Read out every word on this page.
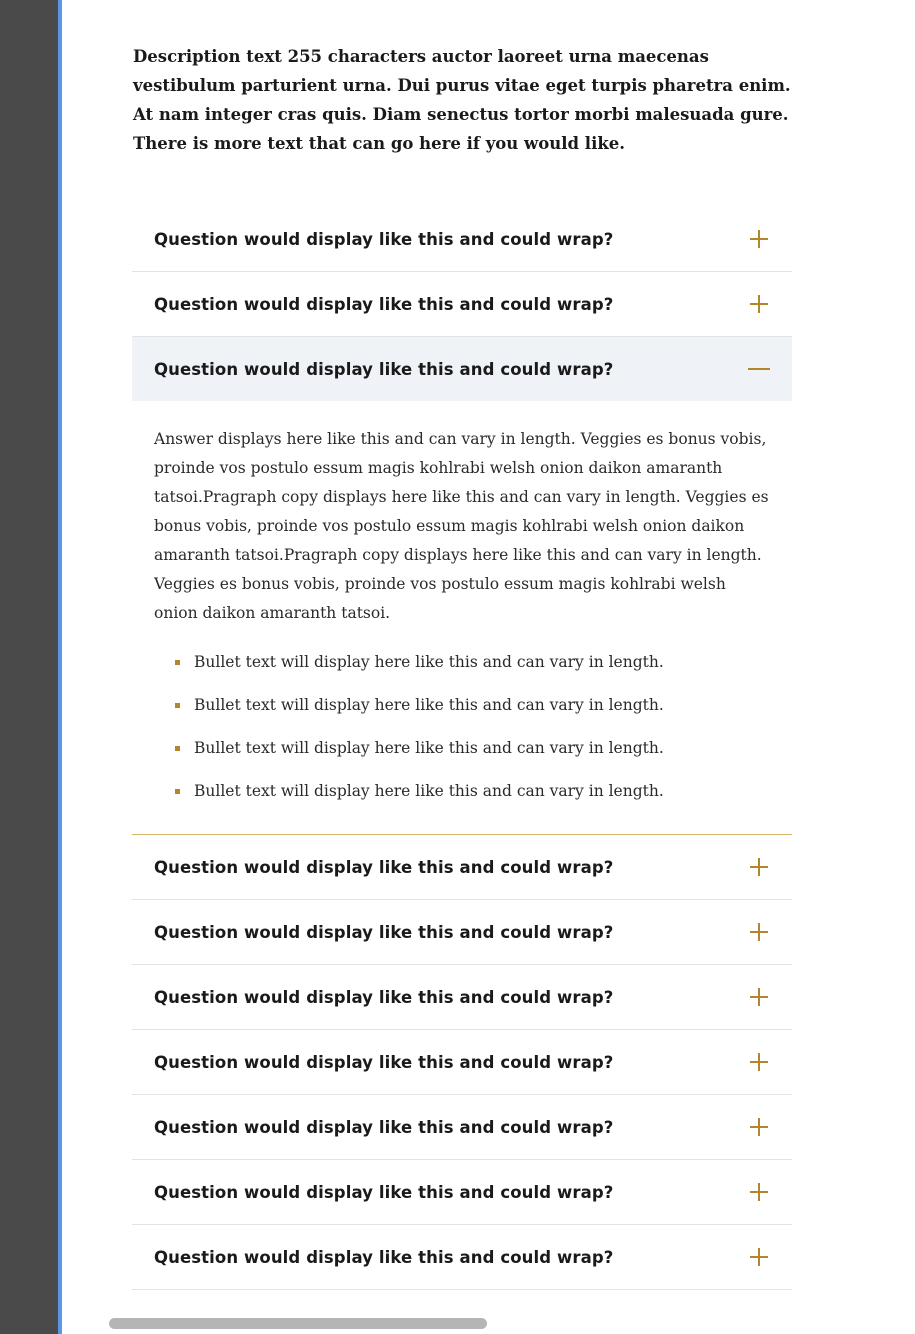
Description text 255 characters auctor laoreet urna maecenas vestibulum parturient urna. Dui purus vitae eget turpis pharetra enim. At nam integer cras quis. Diam senectus tortor morbi malesuada gure. There is more text that can go here if you would like.

Question would display like this and could wrap?
Question would display like this and could wrap?
Question would display like this and could wrap?

Answer displays here like this and can vary in length. Veggies es bonus vobis, proinde vos postulo essum magis kohlrabi welsh onion daikon amaranth tatsoi.Pragraph copy displays here like this and can vary in length. Veggies es bonus vobis, proinde vos postulo essum magis kohlrabi welsh onion daikon amaranth tatsoi.Pragraph copy displays here like this and can vary in length. Veggies es bonus vobis, proinde vos postulo essum magis kohlrabi welsh onion daikon amaranth tatsoi.

Bullet text will display here like this and can vary in length.
Bullet text will display here like this and can vary in length.
Bullet text will display here like this and can vary in length.
Bullet text will display here like this and can vary in length.
Question would display like this and could wrap?
Question would display like this and could wrap?
Question would display like this and could wrap?
Question would display like this and could wrap?
Question would display like this and could wrap?
Question would display like this and could wrap?
Question would display like this and could wrap?
